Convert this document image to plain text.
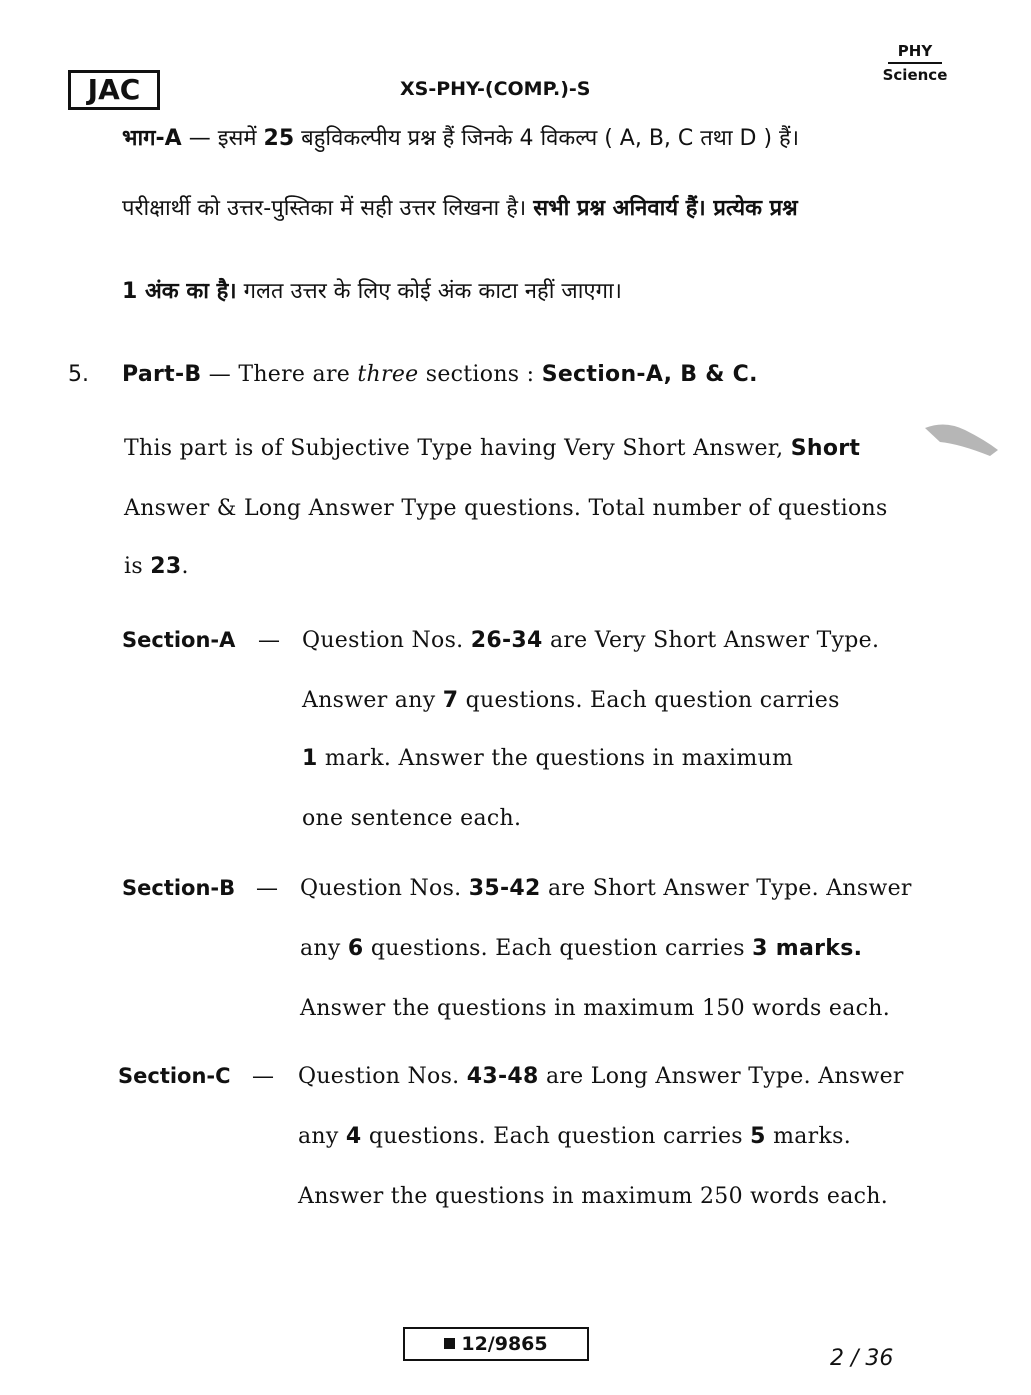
JAC	XS-PHY-(COMP.)-S
PHY
Science
भाग-A — इसमें 25 बहुविकल्पीय प्रश्न हैं जिनके 4 विकल्प ( A, B, C तथा D ) हैं।
परीक्षार्थी को उत्तर-पुस्तिका में सही उत्तर लिखना है। सभी प्रश्न अनिवार्य हैं। प्रत्येक प्रश्न
1 अंक का है। गलत उत्तर के लिए कोई अंक काटा नहीं जाएगा।
5. Part-B — There are three sections : Section-A, B & C.
This part is of Subjective Type having Very Short Answer, Short
Answer & Long Answer Type questions. Total number of questions
is 23.
Section-A — Question Nos. 26-34 are Very Short Answer Type.
Answer any 7 questions. Each question carries
1 mark. Answer the questions in maximum
one sentence each.
Section-B — Question Nos. 35-42 are Short Answer Type. Answer
any 6 questions. Each question carries 3 marks.
Answer the questions in maximum 150 words each.
Section-C — Question Nos. 43-48 are Long Answer Type. Answer
any 4 questions. Each question carries 5 marks.
Answer the questions in maximum 250 words each.
12/9865
2 / 36
